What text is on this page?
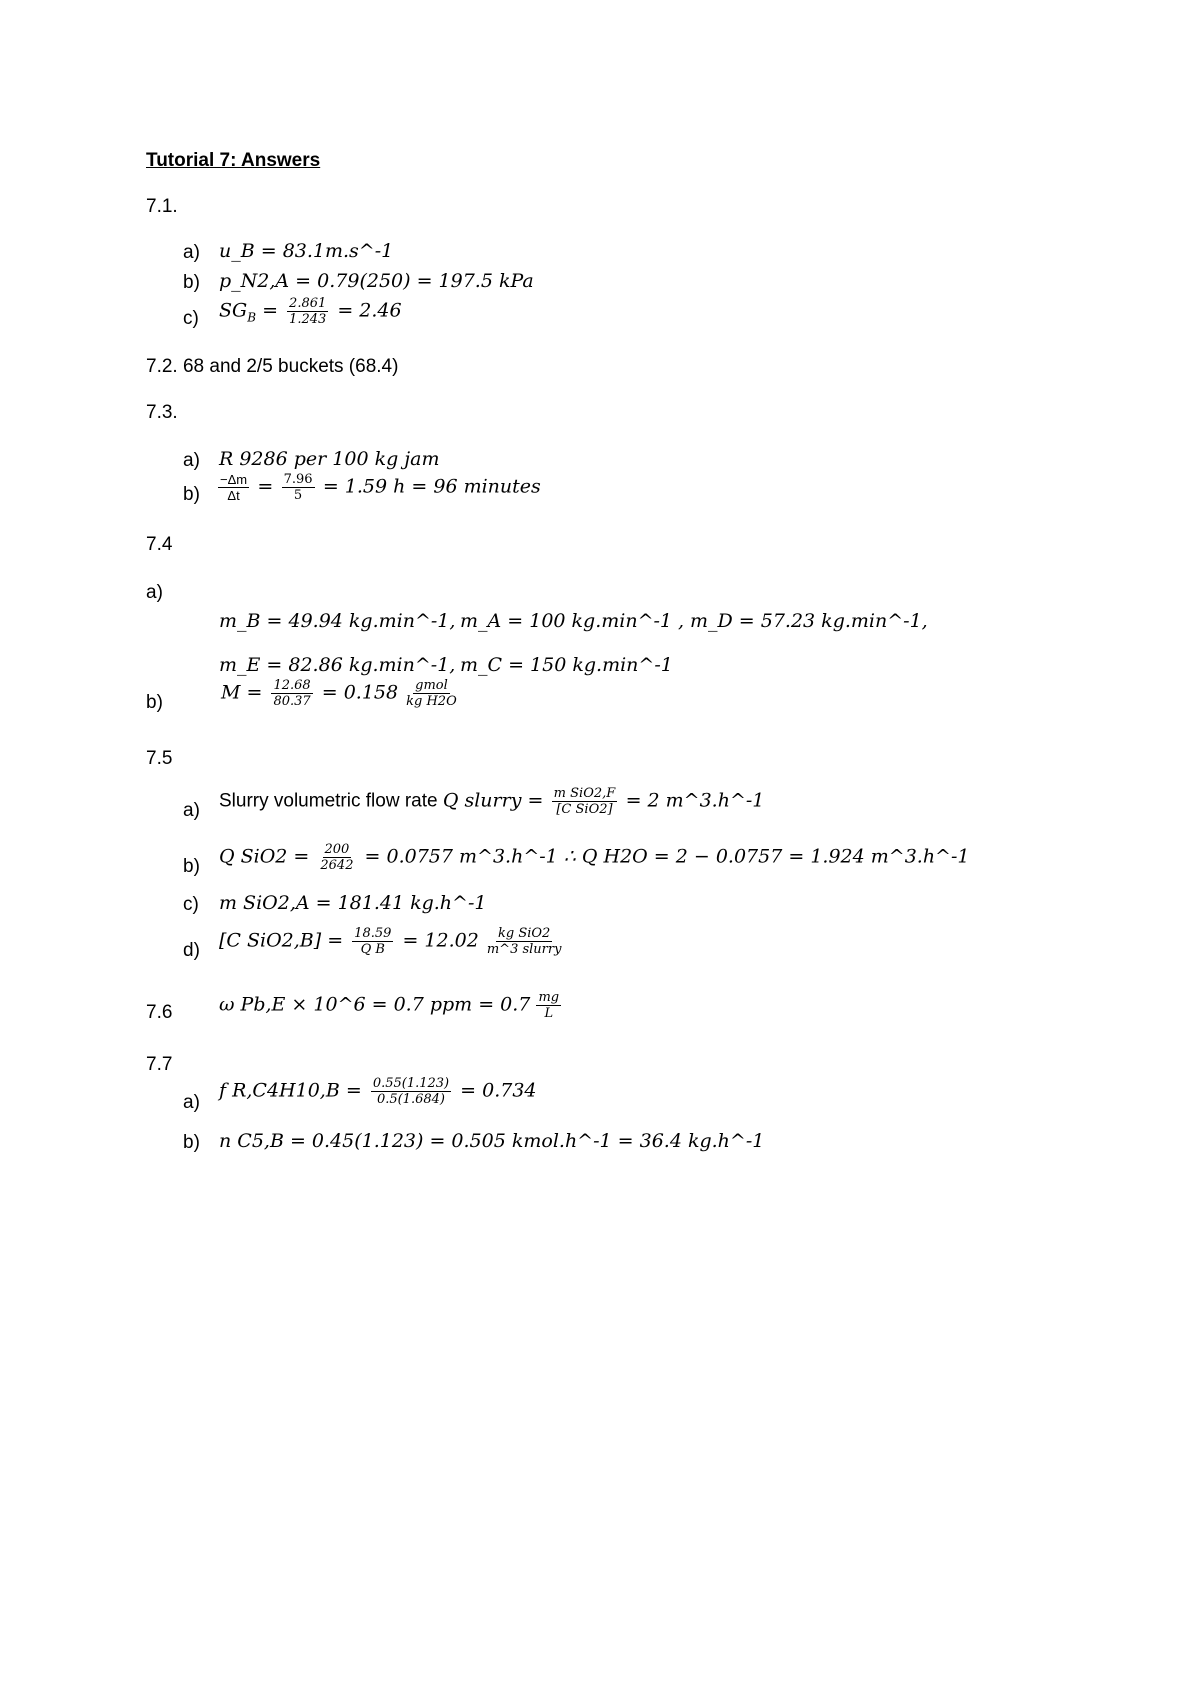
Tutorial 7: Answers
7.1.
a) u_B = 83.1m.s^-1
b) p_N2,A = 0.79(250) = 197.5 kPa
c) $SG_B = \frac{2.861}{1.243} = 2.46$
7.2. 68 and 2/5 buckets (68.4)
7.3.
a) R 9286 per 100 kg jam
$b) \frac{-\Delta m}{\Delta t} = \frac{7.96}{5} = 1.59$ h = 96 minutes
7.4
a)
m_B = 49.94 kg.min^-1, m_A = 100 kg.min^-1 , m_D = 57.23 kg.min^-1,
m_E = 82.86 kg.min^-1, m_C = 150 kg.min^-1
b)	$M = \frac{12.68}{80.37} = 0.158 \frac{\text{gmol}}{\text{kg H2O}}$
7.5
a) Slurry volumetric flow rate Q slurry = $\frac{\text{m SiO2,F}}{\text{[C SiO2]}} = 2$ m^3.h^-1
b) Q $SiO2 = \frac{200}{2642} = 0.0757$ m^3.h^-1 ∴ Q H2O = 2 − 0.0757 = 1.924 m^3.h^-1
c) m SiO2,A = 181.41 kg.h^-1
d) [C $SiO2,B] = \frac{18.59}{\text{Q B}} = 12.02 \frac{\text{kg SiO2}}{\text{m\textasciicircum{}3 slurry}}$
7.6 ω Pb,E × 10^6 = 0.7 ppm = $0.7 \frac{mg}{L}$
7.7
a)
f $R,C4H10,B = \frac{0.55(1.123)}{0.5(1.684)} = 0.734$
b) n C5,B = 0.45(1.123) = 0.505 kmol.h^-1 = 36.4 kg.h^-1
